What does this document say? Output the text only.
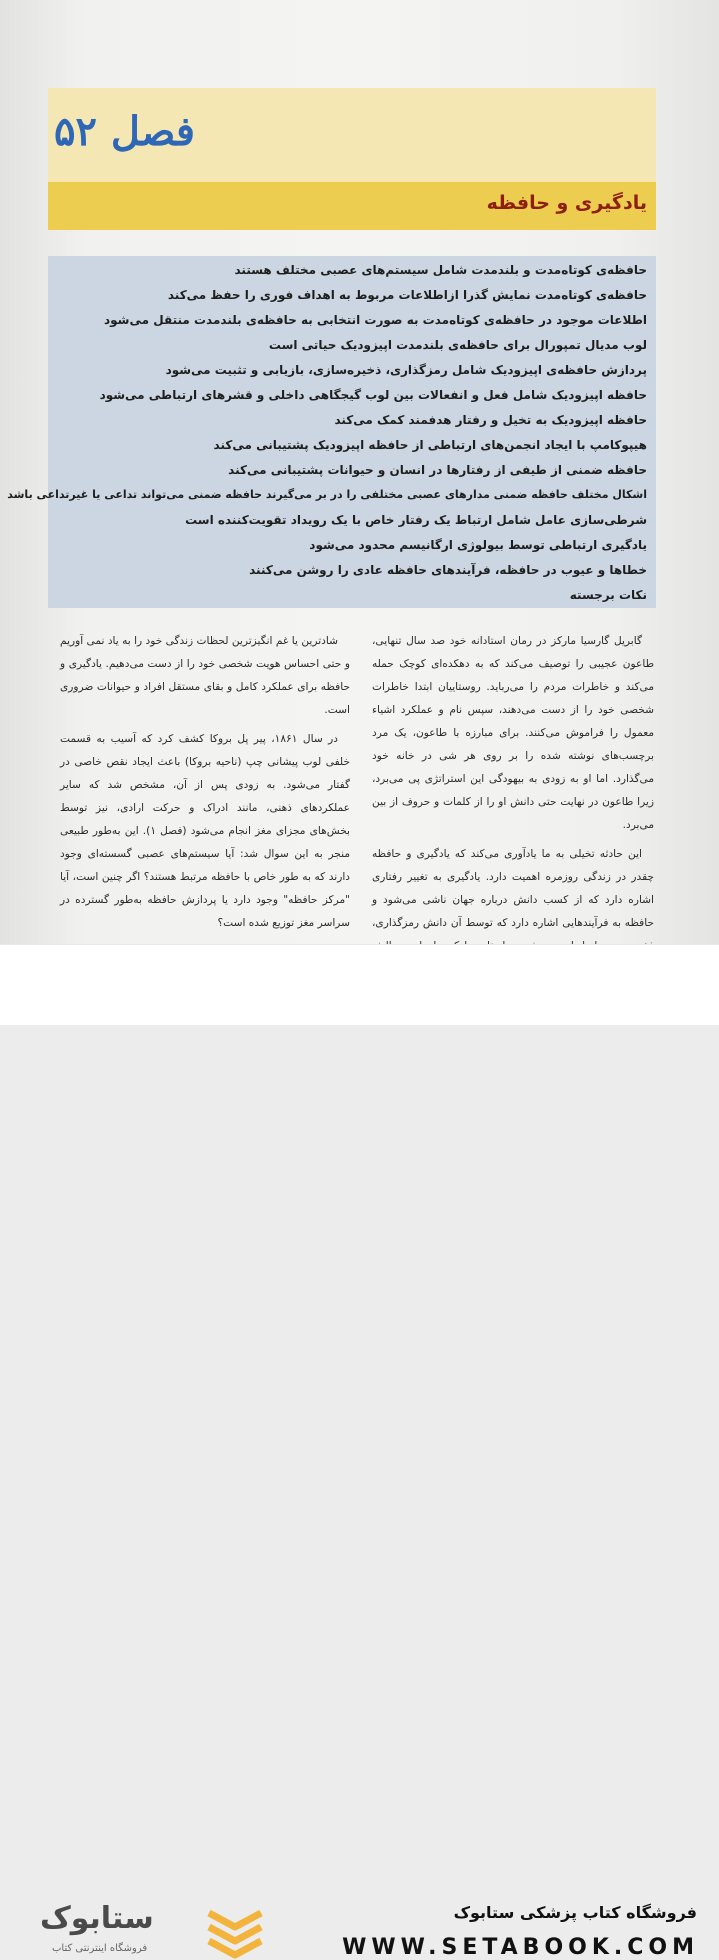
فصل ۵۲
یادگیری و حافظه
حافظه‌ی کوتاه‌مدت و بلندمدت شامل سیستم‌های عصبی مختلف هستند
حافظه‌ی کوتاه‌مدت نمایش گذرا ازاطلاعات مربوط به اهداف فوری را حفظ می‌کند
اطلاعات موجود در حافظه‌ی کوتاه‌مدت به صورت انتخابی به حافظه‌ی بلندمدت منتقل می‌شود
لوب مدیال تمپورال برای حافظه‌ی بلندمدت اپیزودیک حیاتی است
پردازش حافظه‌ی اپیزودیک شامل رمزگذاری، ذخیره‌سازی، بازیابی و تثبیت می‌شود
حافظه اپیزودیک شامل فعل و انفعالات بین لوب گیجگاهی داخلی و قشرهای ارتباطی می‌شود
حافظه اپیزودیک به تخیل و رفتار هدفمند کمک می‌کند
هیپوکامپ با ایجاد انجمن‌های ارتباطی از حافظه اپیزودیک پشتیبانی می‌کند
حافظه ضمنی از طیفی از رفتارها در انسان و حیوانات پشتیبانی می‌کند
اشکال مختلف حافظه ضمنی مدارهای عصبی مختلفی را در بر می‌گیرند حافظه ضمنی می‌تواند تداعی یا غیرتداعی باشد
شرطی‌سازی عامل شامل ارتباط یک رفتار خاص با یک رویداد تقویت‌کننده است
یادگیری ارتباطی توسط بیولوژی ارگانیسم محدود می‌شود
خطاها و عیوب در حافظه، فرآیندهای حافظه عادی را روشن می‌کنند
نکات برجسته

گابریل گارسیا مارکز در رمان استادانه خود صد سال تنهایی، طاعون عجیبی را توصیف می‌کند که به دهکده‌ای کوچک حمله می‌کند و خاطرات مردم را می‌رباید. روستاییان ابتدا خاطرات شخصی خود را از دست می‌دهند، سپس نام و عملکرد اشیاء معمول را فراموش می‌کنند. برای مبارزه با طاعون، یک مرد برچسب‌های نوشته شده را بر روی هر شی در خانه خود می‌گذارد. اما او به زودی به بیهودگی این استراتژی پی می‌برد، زیرا طاعون در نهایت حتی دانش او را از کلمات و حروف از بین می‌برد.

این حادثه تخیلی به ما یادآوری می‌کند که یادگیری و حافظه چقدر در زندگی روزمره اهمیت دارد. یادگیری به تغییر رفتاری اشاره دارد که از کسب دانش درباره جهان ناشی می‌شود و حافظه به فرآیندهایی اشاره دارد که توسط آن دانش رمزگذاری،

شادترین یا غم انگیزترین لحظات زندگی خود را به یاد نمی آوریم و حتی احساس هویت شخصی خود را از دست می‌دهیم. یادگیری و حافظه برای عملکرد کامل و بقای مستقل افراد و حیوانات ضروری است.

در سال ۱۸۶۱، پیر پل بروکا کشف کرد که آسیب به قسمت خلفی لوب پیشانی چپ (ناحیه بروکا) باعث ایجاد نقص خاصی در گفتار می‌شود. به زودی پس از آن، مشخص شد که سایر عملکردهای ذهنی، مانند ادراک و حرکت ارادی، نیز توسط بخش‌های مجزای مغز انجام می‌شود (فصل ۱). این به‌طور طبیعی منجر به این سوال شد: آیا سیستم‌های عصبی گسسته‌ای وجود دارند که به طور خاص با حافظه مرتبط هستند؟ اگر چنین است، آیا "مرکز حافظه" وجود دارد یا پردازش حافظه به‌طور گسترده در سراسر مغز توزیع شده است؟

ستابوک
فروشگاه اینترنتی کتاب
فروشگاه کتاب پزشکی ستابوک
WWW.SETABOOK.COM
